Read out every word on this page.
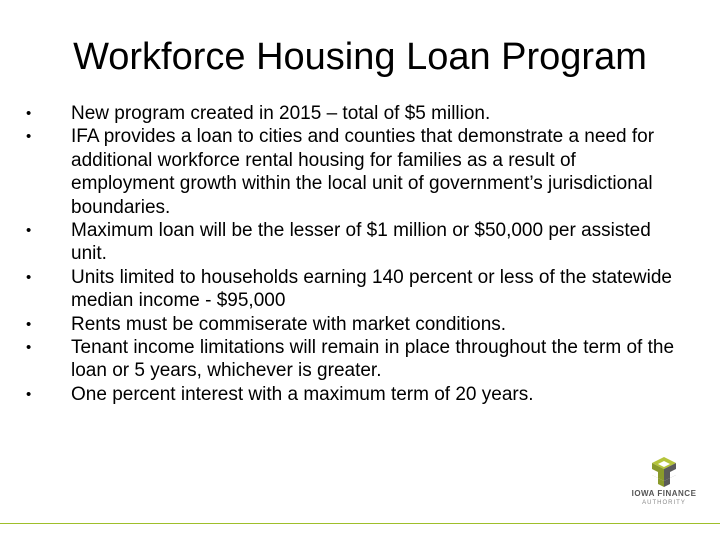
Workforce Housing Loan Program
•	New program created in 2015 – total of $5 million.
•	IFA provides a loan to cities and counties that demonstrate a need for additional workforce rental housing for families as a result of employment growth within the local unit of government’s jurisdictional boundaries.
•	Maximum loan will be the lesser of $1 million or $50,000 per assisted unit.
•	Units limited to households earning 140 percent or less of the statewide median income - $95,000
•	Rents must be commiserate with market conditions.
•	Tenant income limitations will remain in place throughout the term of the loan or 5 years, whichever is greater.
•	One percent interest with a maximum term of 20 years.
IOWA FINANCE
AUTHORITY
